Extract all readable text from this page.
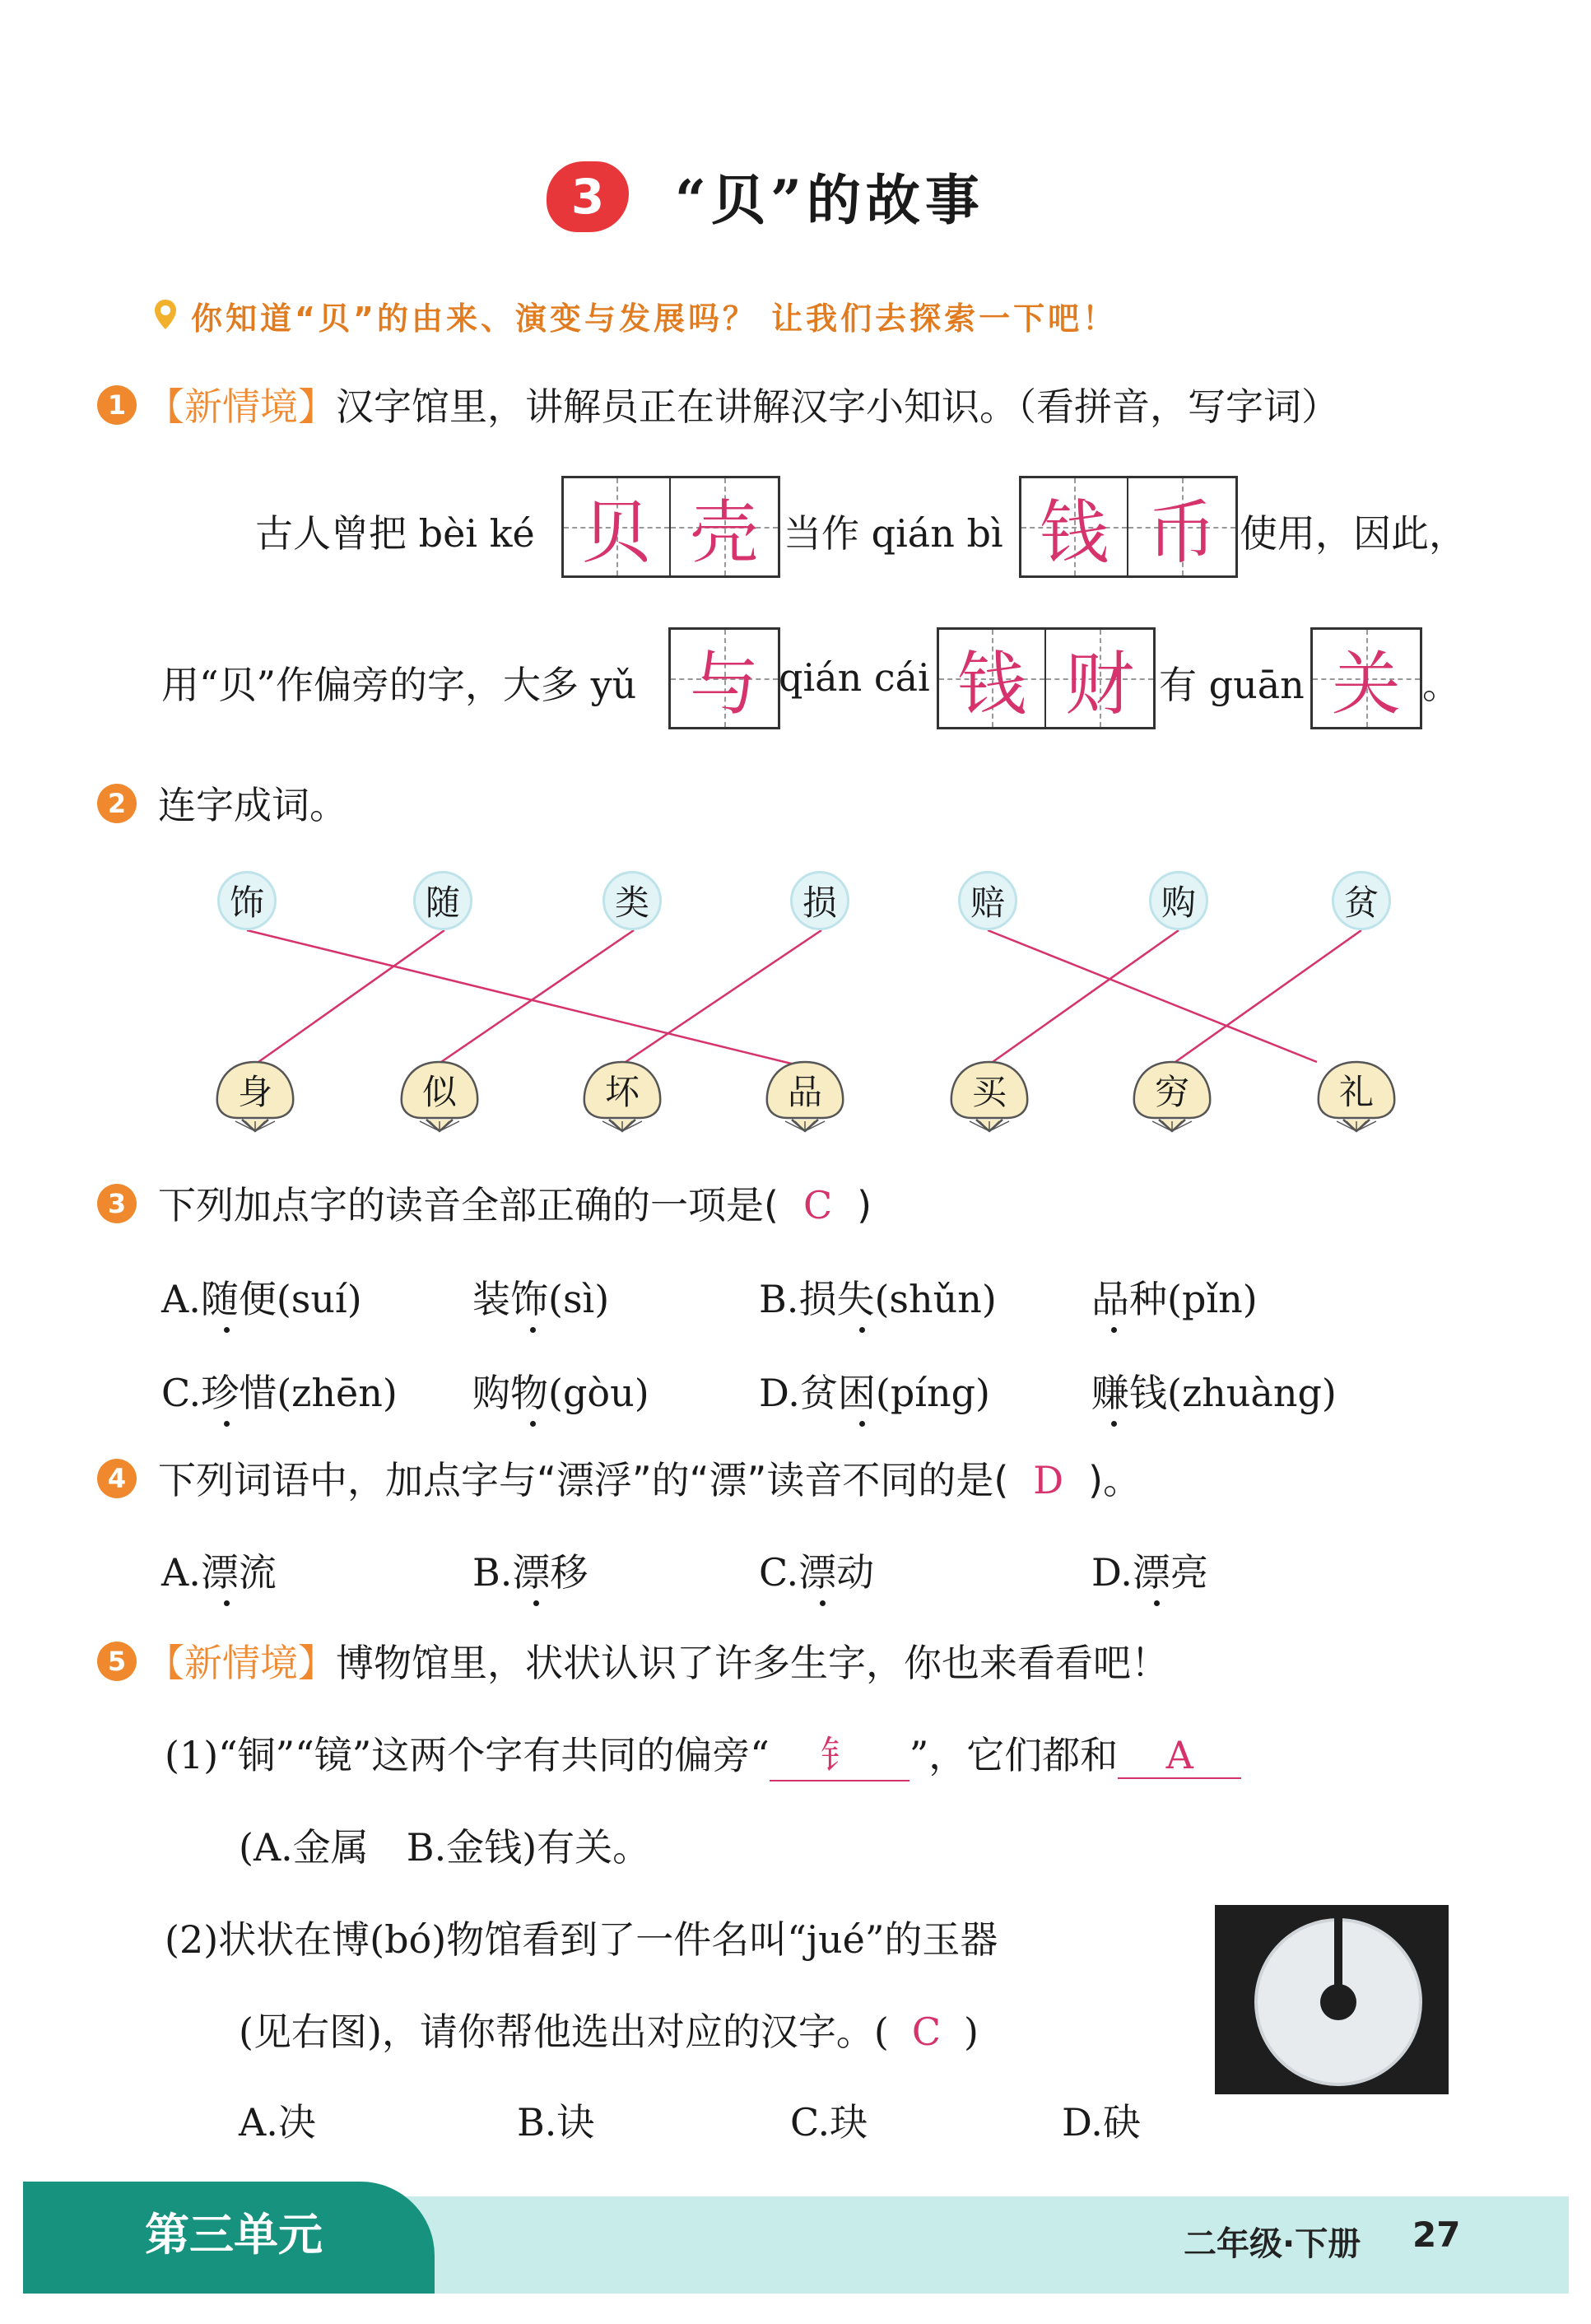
3 “贝”的故事
你知道“贝”的由来、演变与发展吗？ 让我们去探索一下吧！
1 【新情境】汉字馆里，讲解员正在讲解汉字小知识。（看拼音，写字词）
古人曾把 bèi ké 贝 壳 当作 qián bì 钱 币 使用，因此，
用“贝”作偏旁的字，大多 yǔ 与 qián cái 钱 财 有 guān 关 。
2 连字成词。
饰	随	类	损	赔	购	贫
身	似	坏	品	买	穷	礼
3 下列加点字的读音全部正确的一项是( C )
A.随便(suí)	装饰(sì)	B.损失(shǔn)	品种(pǐn)
C.珍惜(zhēn) 购物(gòu)	D.贫困(píng)	赚钱(zhuàng)
4 下列词语中，加点字与“漂浮”的“漂”读音不同的是( D )。
A.漂流	B.漂移	C.漂动	D.漂亮
5 【新情境】博物馆里，状状认识了许多生字，你也来看看吧！
(1)“铜”“镜”这两个字有共同的偏旁“ 钅 ”，它们都和 A
(A.金属　B.金钱)有关。
(2)状状在博(bó)物馆看到了一件名叫“jué”的玉器
(见右图)，请你帮他选出对应的汉字。( C )
A.决	B.诀	C.玦	D.砄
第三单元	二年级·下册 27
